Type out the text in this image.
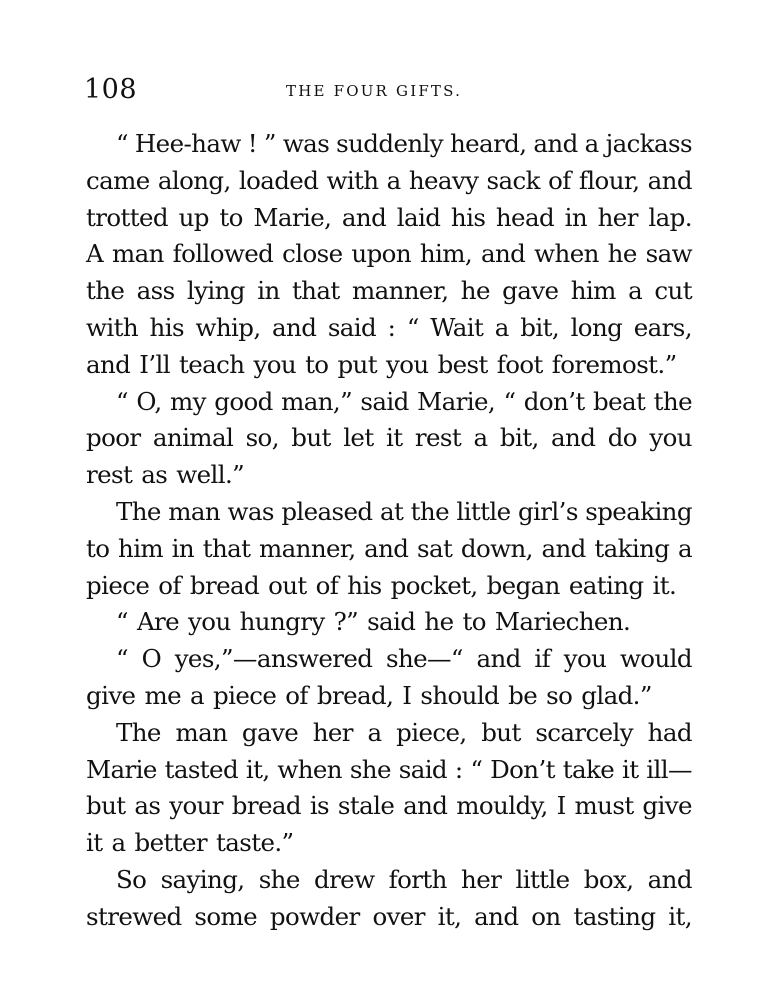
108	THE FOUR GIFTS.
“ Hee-haw ! ” was suddenly heard, and a jackass
came along, loaded with a heavy sack of flour, and
trotted up to Marie, and laid his head in her lap.
A man followed close upon him, and when he saw
the ass lying in that manner, he gave him a cut
with his whip, and said : “ Wait a bit, long ears,
and I’ll teach you to put you best foot foremost.”
“ O, my good man,” said Marie, “ don’t beat the
poor animal so, but let it rest a bit, and do you
rest as well.”
The man was pleased at the little girl’s speaking
to him in that manner, and sat down, and taking a
piece of bread out of his pocket, began eating it.
“ Are you hungry ?” said he to Mariechen.
“ O yes,”—answered she—“ and if you would
give me a piece of bread, I should be so glad.”
The man gave her a piece, but scarcely had
Marie tasted it, when she said : “ Don’t take it ill—
but as your bread is stale and mouldy, I must give
it a better taste.”
So saying, she drew forth her little box, and
strewed some powder over it, and on tasting it,
